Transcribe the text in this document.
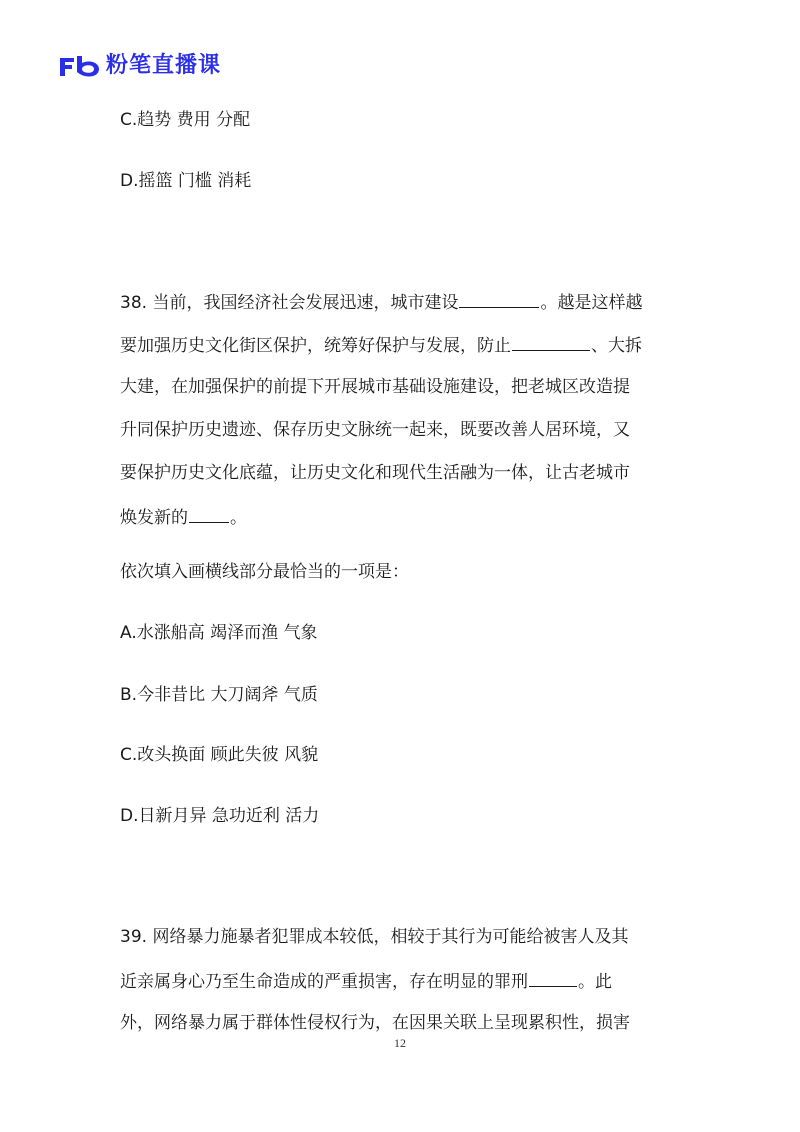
粉笔直播课
C.趋势 费用 分配
D.摇篮 门槛 消耗
38. 当前，我国经济社会发展迅速，城市建设	。越是这样越
要加强历史文化街区保护，统筹好保护与发展，防止	、大拆
大建，在加强保护的前提下开展城市基础设施建设，把老城区改造提
升同保护历史遗迹、保存历史文脉统一起来，既要改善人居环境，又
要保护历史文化底蕴，让历史文化和现代生活融为一体，让古老城市
焕发新的 。
依次填入画横线部分最恰当的一项是：
A.水涨船高 竭泽而渔 气象
B.今非昔比 大刀阔斧 气质
C.改头换面 顾此失彼 风貌
D.日新月异 急功近利 活力
39. 网络暴力施暴者犯罪成本较低，相较于其行为可能给被害人及其
近亲属身心乃至生命造成的严重损害，存在明显的罪刑	。此
外，网络暴力属于群体性侵权行为，在因果关联上呈现累积性，损害
12
